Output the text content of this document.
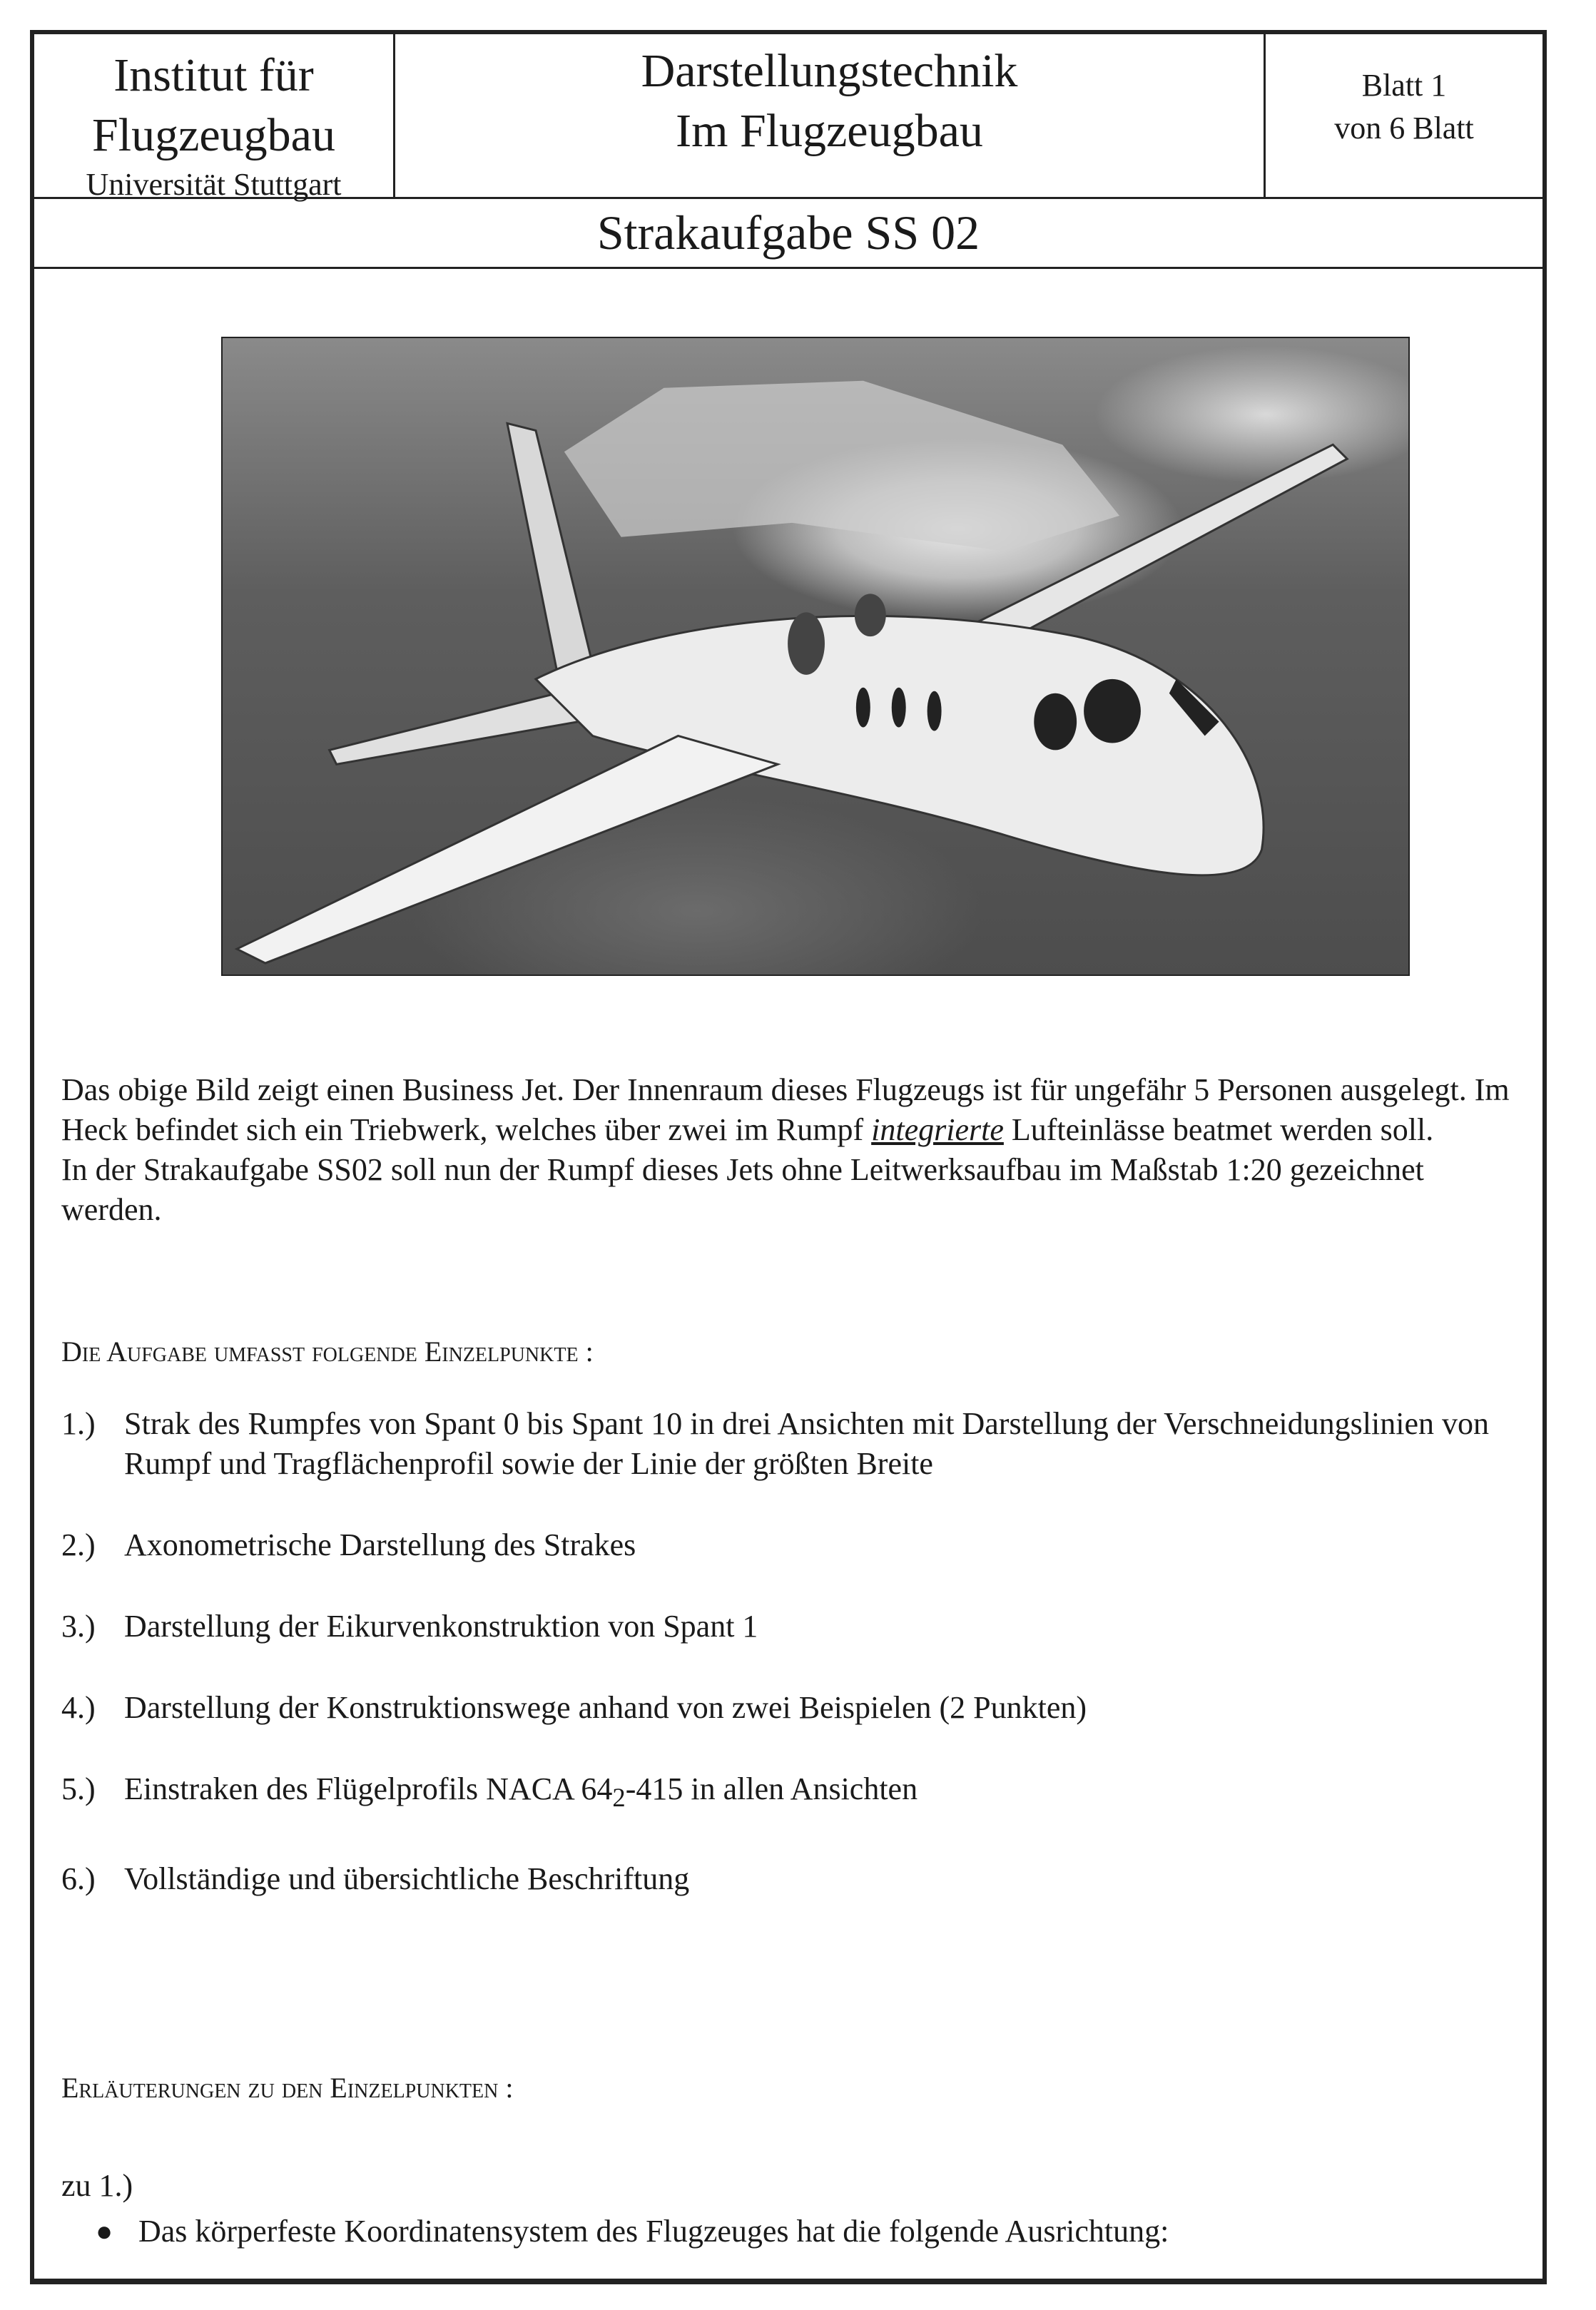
Institut für
Flugzeugbau
Universität Stuttgart
Darstellungstechnik
Im Flugzeugbau
Blatt 1
von 6 Blatt
Strakaufgabe SS 02

Das obige Bild zeigt einen Business Jet. Der Innenraum dieses Flugzeugs ist für ungefähr 5 Personen ausgelegt. Im Heck befindet sich ein Triebwerk, welches über zwei im Rumpf integrierte Lufteinlässe beatmet werden soll.

In der Strakaufgabe SS02 soll nun der Rumpf dieses Jets ohne Leitwerksaufbau im Maßstab 1:20 gezeichnet werden.

Die Aufgabe umfaßt folgende Einzelpunkte :
1.) Strak des Rumpfes von Spant 0 bis Spant 10 in drei Ansichten mit Darstellung der Verschneidungslinien von Rumpf und Tragflächenprofil sowie der Linie der größten Breite
2.) Axonometrische Darstellung des Strakes
3.) Darstellung der Eikurvenkonstruktion von Spant 1
4.) Darstellung der Konstruktionswege anhand von zwei Beispielen (2 Punkten)
5.) Einstraken des Flügelprofils NACA $64_2-415$ in allen Ansichten
6.) Vollständige und übersichtliche Beschriftung
Erläuterungen zu den Einzelpunkten :
zu 1.)
● Das körperfeste Koordinatensystem des Flugzeuges hat die folgende Ausrichtung:
